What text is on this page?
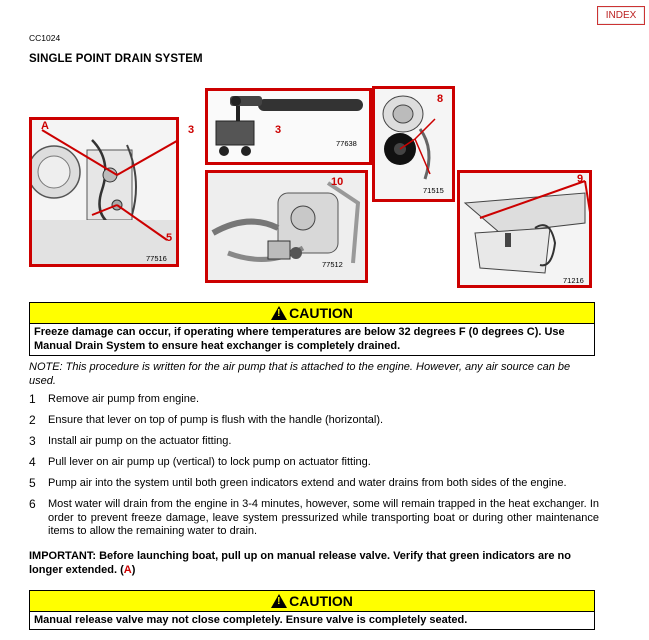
INDEX
CC1024
SINGLE POINT DRAIN SYSTEM
A
5
77516
3	3
77638
8
71515
10
77512
9
71216
!CAUTION
Freeze damage can occur, if operating where temperatures are below 32 degrees F (0 degrees C). Use Manual Drain System to ensure heat exchanger is completely drained.
NOTE: This procedure is written for the air pump that is attached to the engine. However, any air source can be used.
1 Remove air pump from engine.
2 Ensure that lever on top of pump is flush with the handle (horizontal).
3 Install air pump on the actuator fitting.
4 Pull lever on air pump up (vertical) to lock pump on actuator fitting.
5 Pump air into the system until both green indicators extend and water drains from both sides of the engine.
6 Most water will drain from the engine in 3-4 minutes, however, some will remain trapped in the heat exchanger. In order to prevent freeze damage, leave system pressurized while transporting boat or during other maintenance items to allow the remaining water to drain.
IMPORTANT: Before launching boat, pull up on manual release valve. Verify that green indicators are no longer extended. (A)
!CAUTION
Manual release valve may not close completely. Ensure valve is completely seated.
